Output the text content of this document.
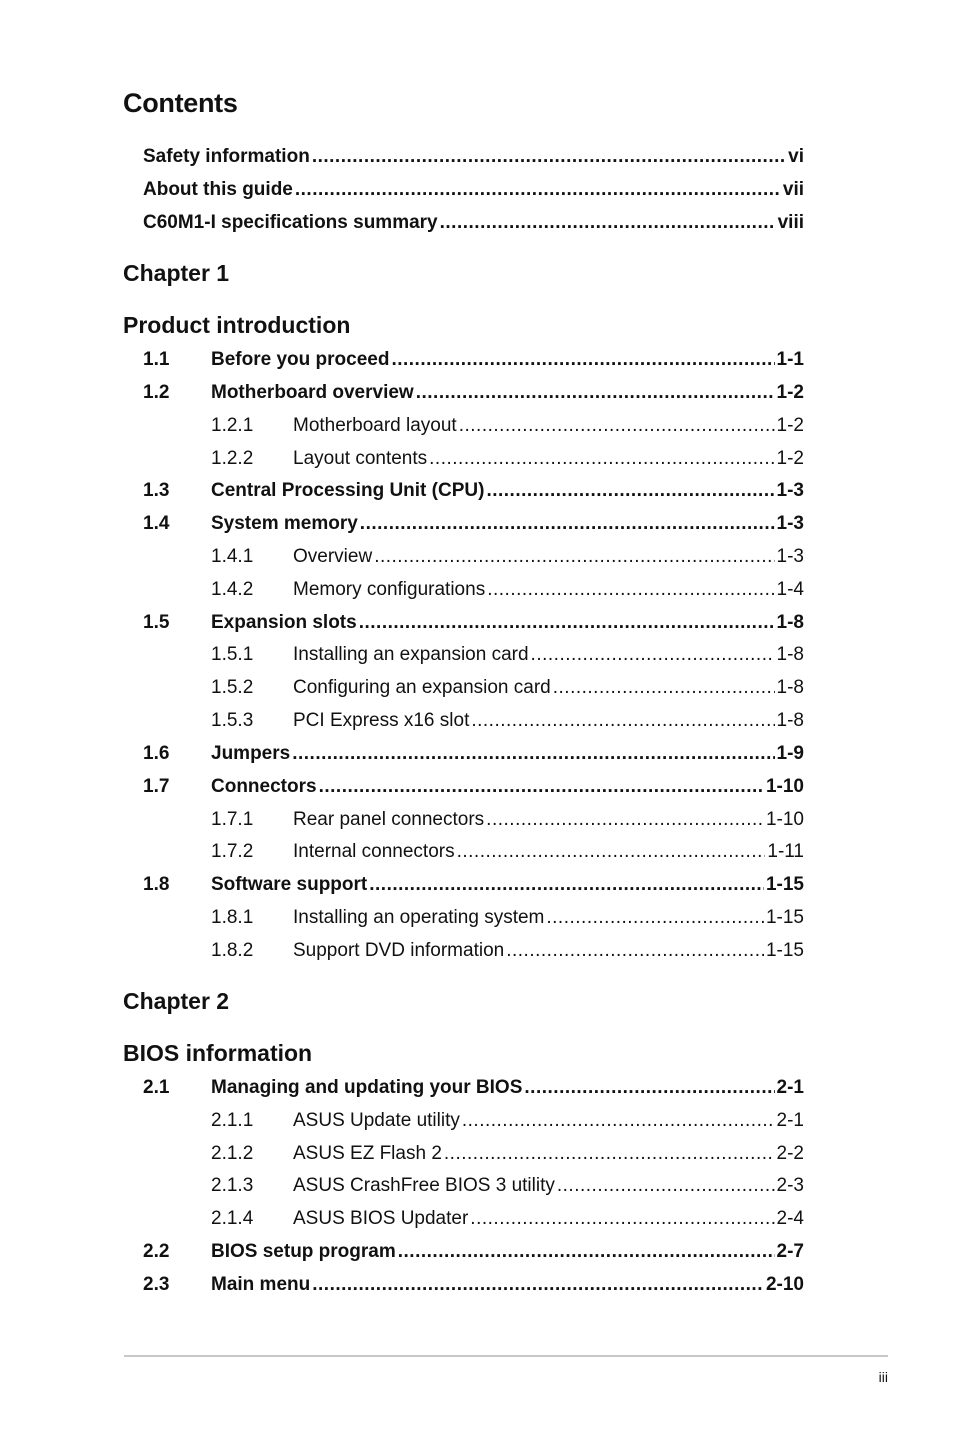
Contents
Safety information .....	vi
About this guide .....	vii
C60M1-I specifications summary .....	viii
Chapter 1
Product introduction
1.1	Before you proceed .....	1-1
1.2	Motherboard overview .....	1-2
1.2.1	Motherboard layout .....	1-2
1.2.2	Layout contents .....	1-2
1.3	Central Processing Unit (CPU) .....	1-3
1.4	System memory .....	1-3
1.4.1	Overview .....	1-3
1.4.2	Memory configurations .....	1-4
1.5	Expansion slots .....	1-8
1.5.1	Installing an expansion card .....	1-8
1.5.2	Configuring an expansion card .....	1-8
1.5.3	PCI Express x16 slot .....	1-8
1.6	Jumpers .....	1-9
1.7	Connectors .....	1-10
1.7.1	Rear panel connectors .....	1-10
1.7.2	Internal connectors .....	1-11
1.8	Software support .....	1-15
1.8.1	Installing an operating system .....	1-15
1.8.2	Support DVD information .....	1-15
Chapter 2
BIOS information
2.1	Managing and updating your BIOS .....	2-1
2.1.1	ASUS Update utility .....	2-1
2.1.2	ASUS EZ Flash 2 .....	2-2
2.1.3	ASUS CrashFree BIOS 3 utility .....	2-3
2.1.4	ASUS BIOS Updater .....	2-4
2.2	BIOS setup program .....	2-7
2.3	Main menu .....	2-10
iii
